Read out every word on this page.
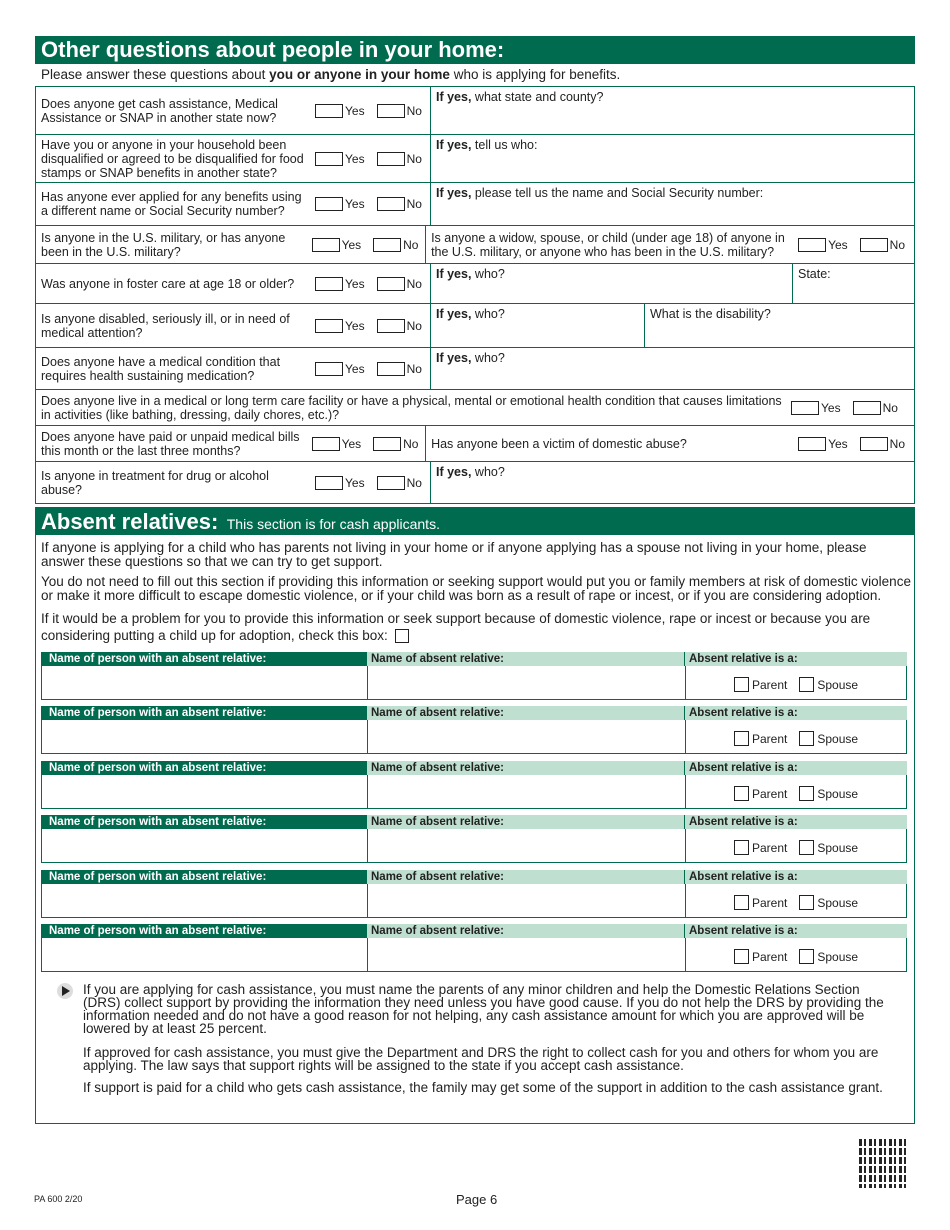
Other questions about people in your home:
Please answer these questions about you or anyone in your home who is applying for benefits.
Does anyone get cash assistance, Medical Assistance or SNAP in another state now?	Yes	No
If yes, what state and county?
Have you or anyone in your household been disqualified or agreed to be disqualified for food stamps or SNAP benefits in another state?
Yes	No
If yes, tell us who:
Has anyone ever applied for any benefits using a different name or Social Security number?	Yes	No
If yes, please tell us the name and Social Security number:
Is anyone in the U.S. military, or has anyone been in the U.S. military?	Yes	No Is anyone a widow, spouse, or child (under age 18) of anyone in the U.S. military, or anyone who has been in the U.S. military?	Yes	No
Was anyone in foster care at age 18 or older?	Yes	No
If yes, who?	State:
Is anyone disabled, seriously ill, or in need of medical attention?	Yes	No
If yes, who?	What is the disability?
Does anyone have a medical condition that requires health sustaining medication?	Yes	No
If yes, who?
Does anyone live in a medical or long term care facility or have a physical, mental or emotional health condition that causes limitations in activities (like bathing, dressing, daily chores, etc.)?	Yes	No
Does anyone have paid or unpaid medical bills this month or the last three months?	Yes	No Has anyone been a victim of domestic abuse?	Yes	No
Is anyone in treatment for drug or alcohol abuse?	Yes	No
If yes, who?
Absent relatives: This section is for cash applicants.
If anyone is applying for a child who has parents not living in your home or if anyone applying has a spouse not living in your home, please answer these questions so that we can try to get support.
You do not need to fill out this section if providing this information or seeking support would put you or family members at risk of domestic violence or make it more difficult to escape domestic violence, or if your child was born as a result of rape or incest, or if you are considering adoption.
If it would be a problem for you to provide this information or seek support because of domestic violence, rape or incest or because you are considering putting a child up for adoption, check this box:
Name of person with an absent relative:	Name of absent relative:	Absent relative is a:
Parent	Spouse
Name of person with an absent relative:	Name of absent relative:	Absent relative is a:
Parent	Spouse
Name of person with an absent relative:	Name of absent relative:	Absent relative is a:
Parent	Spouse
Name of person with an absent relative:	Name of absent relative:	Absent relative is a:
Parent	Spouse
Name of person with an absent relative:	Name of absent relative:	Absent relative is a:
Parent	Spouse
Name of person with an absent relative:	Name of absent relative:	Absent relative is a:
Parent	Spouse
If you are applying for cash assistance, you must name the parents of any minor children and help the Domestic Relations Section (DRS) collect support by providing the information they need unless you have good cause. If you do not help the DRS by providing the information needed and do not have a good reason for not helping, any cash assistance amount for which you are approved will be lowered by at least 25 percent.
If approved for cash assistance, you must give the Department and DRS the right to collect cash for you and others for whom you are applying. The law says that support rights will be assigned to the state if you accept cash assistance.
If support is paid for a child who gets cash assistance, the family may get some of the support in addition to the cash assistance grant.
PA 600 2/20	Page 6
